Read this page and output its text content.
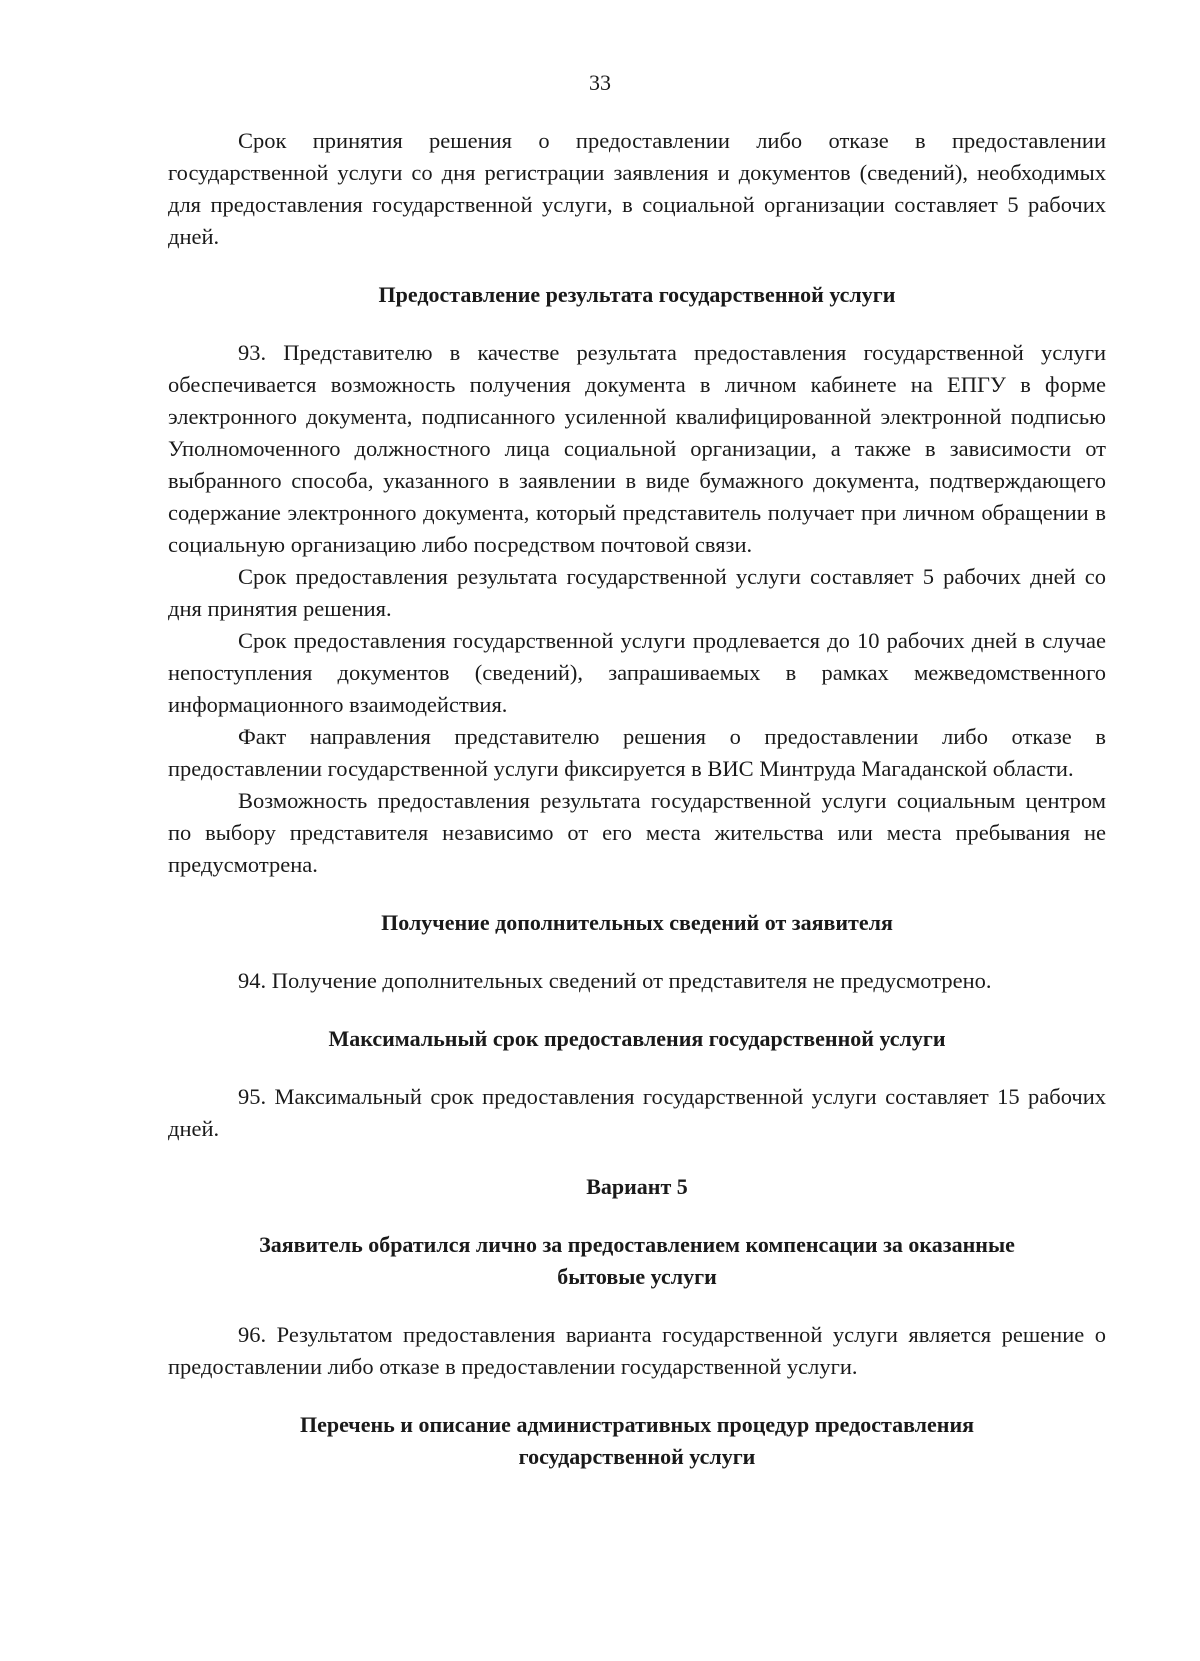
33

Срок принятия решения о предоставлении либо отказе в предоставлении государственной услуги со дня регистрации заявления и документов (сведений), необходимых для предоставления государственной услуги, в социальной организации составляет 5 рабочих дней.

Предоставление результата государственной услуги

93. Представителю в качестве результата предоставления государственной услуги обеспечивается возможность получения документа в личном кабинете на ЕПГУ в форме электронного документа, подписанного усиленной квалифицированной электронной подписью Уполномоченного должностного лица социальной организации, а также в зависимости от выбранного способа, указанного в заявлении в виде бумажного документа, подтверждающего содержание электронного документа, который представитель получает при личном обращении в социальную организацию либо посредством почтовой связи.

Срок предоставления результата государственной услуги составляет 5 рабочих дней со дня принятия решения.

Срок предоставления государственной услуги продлевается до 10 рабочих дней в случае непоступления документов (сведений), запрашиваемых в рамках межведомственного информационного взаимодействия.

Факт направления представителю решения о предоставлении либо отказе в предоставлении государственной услуги фиксируется в ВИС Минтруда Магаданской области.

Возможность предоставления результата государственной услуги социальным центром по выбору представителя независимо от его места жительства или места пребывания не предусмотрена.

Получение дополнительных сведений от заявителя

94. Получение дополнительных сведений от представителя не предусмотрено.

Максимальный срок предоставления государственной услуги

95. Максимальный срок предоставления государственной услуги составляет 15 рабочих дней.

Вариант 5
Заявитель обратился лично за предоставлением компенсации за оказанные бытовые услуги

96. Результатом предоставления варианта государственной услуги является решение о предоставлении либо отказе в предоставлении государственной услуги.

Перечень и описание административных процедур предоставления государственной услуги
